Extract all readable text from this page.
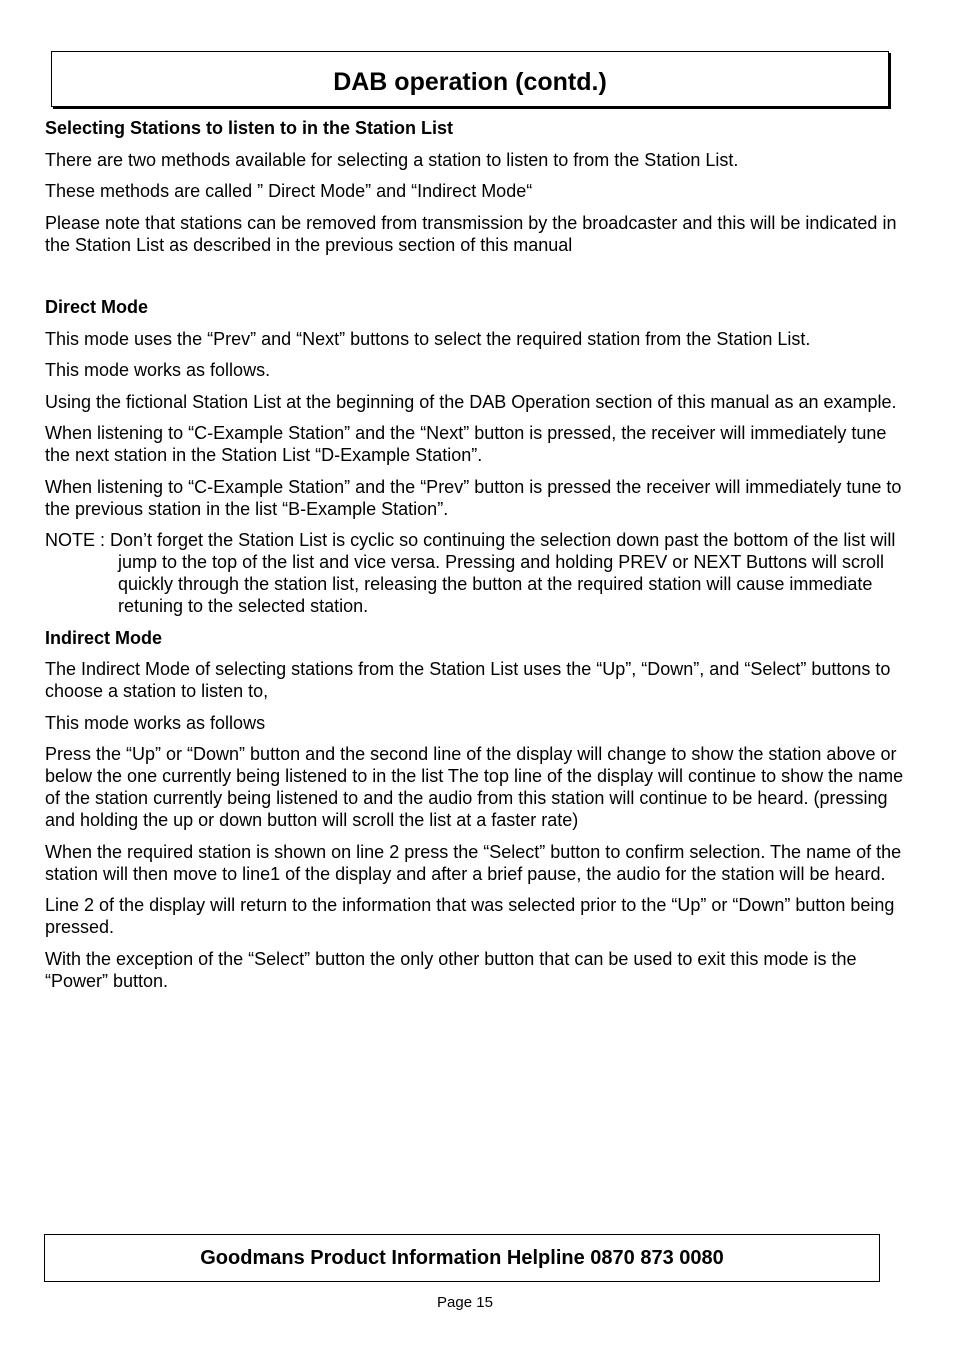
DAB operation (contd.)
Selecting Stations to listen to in the Station List

There are two methods available for selecting a station to listen to from the Station List.

These methods are called ” Direct Mode” and “Indirect Mode“

Please note that stations can be removed from transmission by the broadcaster and this will be indicated in the Station List as described in the previous section of this manual

Direct Mode

This mode uses the “Prev” and “Next” buttons to select the required station from the Station List.

This mode works as follows.

Using the fictional Station List at the beginning of the DAB Operation section of this manual as an example.

When listening to “C-Example Station” and the “Next” button is pressed, the receiver will immediately tune the next station in the Station List “D-Example Station”.

When listening to “C-Example Station” and the “Prev” button is pressed the receiver will immediately tune to the previous station in the list “B-Example Station”.

NOTE : Don’t forget the Station List is cyclic so continuing the selection down past the bottom of the list will jump to the top of the list and vice versa. Pressing and holding PREV or NEXT Buttons will scroll quickly through the station list, releasing the button at the required station will cause immediate retuning to the selected station.

Indirect Mode

The Indirect Mode of selecting stations from the Station List uses the “Up”, “Down”, and “Select” buttons to choose a station to listen to,

This mode works as follows

Press the “Up” or “Down” button and the second line of the display will change to show the station above or below the one currently being listened to in the list The top line of the display will continue to show the name of the station currently being listened to and the audio from this station will continue to be heard. (pressing and holding the up or down button will scroll the list at a faster rate)

When the required station is shown on line 2 press the “Select” button to confirm selection. The name of the station will then move to line1 of the display and after a brief pause, the audio for the station will be heard.

Line 2 of the display will return to the information that was selected prior to the “Up” or “Down” button being pressed.

With the exception of the “Select” button the only other button that can be used to exit this mode is the “Power” button.

Goodmans Product Information Helpline 0870 873 0080
Page 15
